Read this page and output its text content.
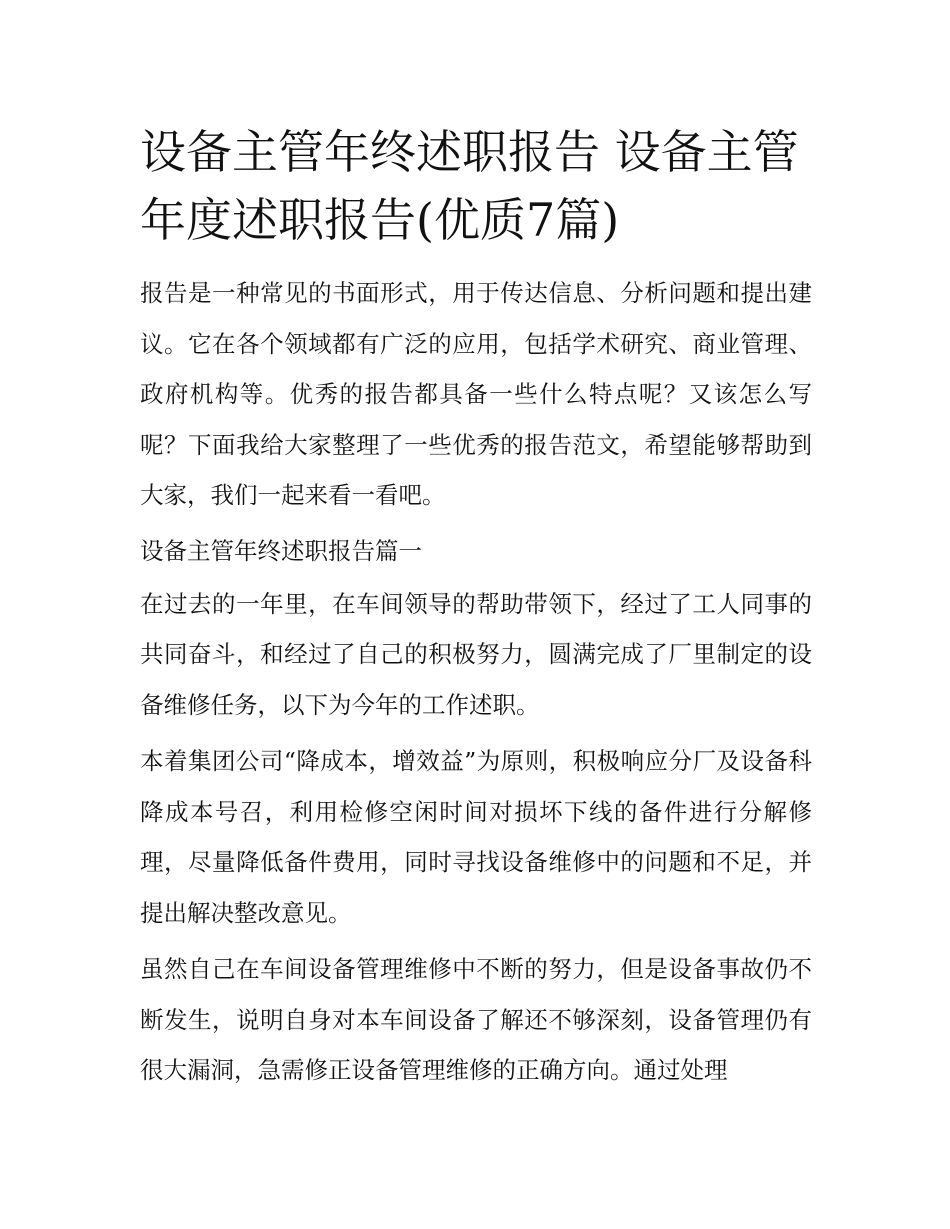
设备主管年终述职报告 设备主管年度述职报告(优质7篇)

报告是一种常见的书面形式，用于传达信息、分析问题和提出建议。它在各个领域都有广泛的应用，包括学术研究、商业管理、政府机构等。优秀的报告都具备一些什么特点呢？又该怎么写呢？下面我给大家整理了一些优秀的报告范文，希望能够帮助到大家，我们一起来看一看吧。

设备主管年终述职报告篇一

在过去的一年里，在车间领导的帮助带领下，经过了工人同事的共同奋斗，和经过了自己的积极努力，圆满完成了厂里制定的设备维修任务，以下为今年的工作述职。

本着集团公司“降成本，增效益”为原则，积极响应分厂及设备科降成本号召，利用检修空闲时间对损坏下线的备件进行分解修理，尽量降低备件费用，同时寻找设备维修中的问题和不足，并提出解决整改意见。

虽然自己在车间设备管理维修中不断的努力，但是设备事故仍不断发生，说明自身对本车间设备了解还不够深刻，设备管理仍有很大漏洞，急需修正设备管理维修的正确方向。通过处理
